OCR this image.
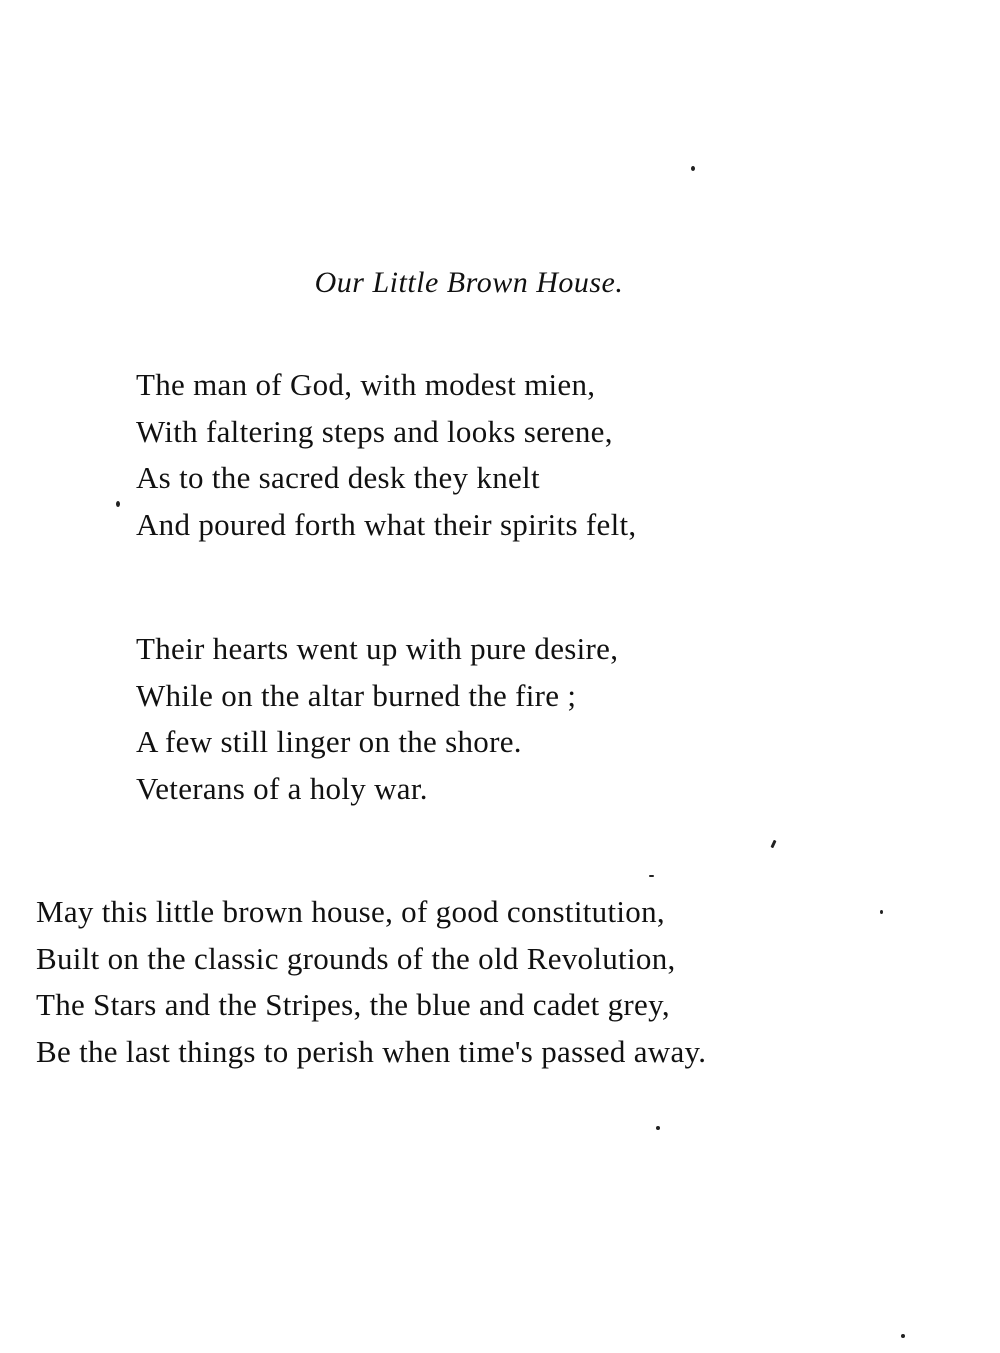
Our Little Brown House.
The man of God, with modest mien,
With faltering steps and looks serene,
As to the sacred desk they knelt
And poured forth what their spirits felt,
Their hearts went up with pure desire,
While on the altar burned the fire ;
A few still linger on the shore.
Veterans of a holy war.
May this little brown house, of good constitution,
Built on the classic grounds of the old Revolution,
The Stars and the Stripes, the blue and cadet grey,
Be the last things to perish when time's passed away.
